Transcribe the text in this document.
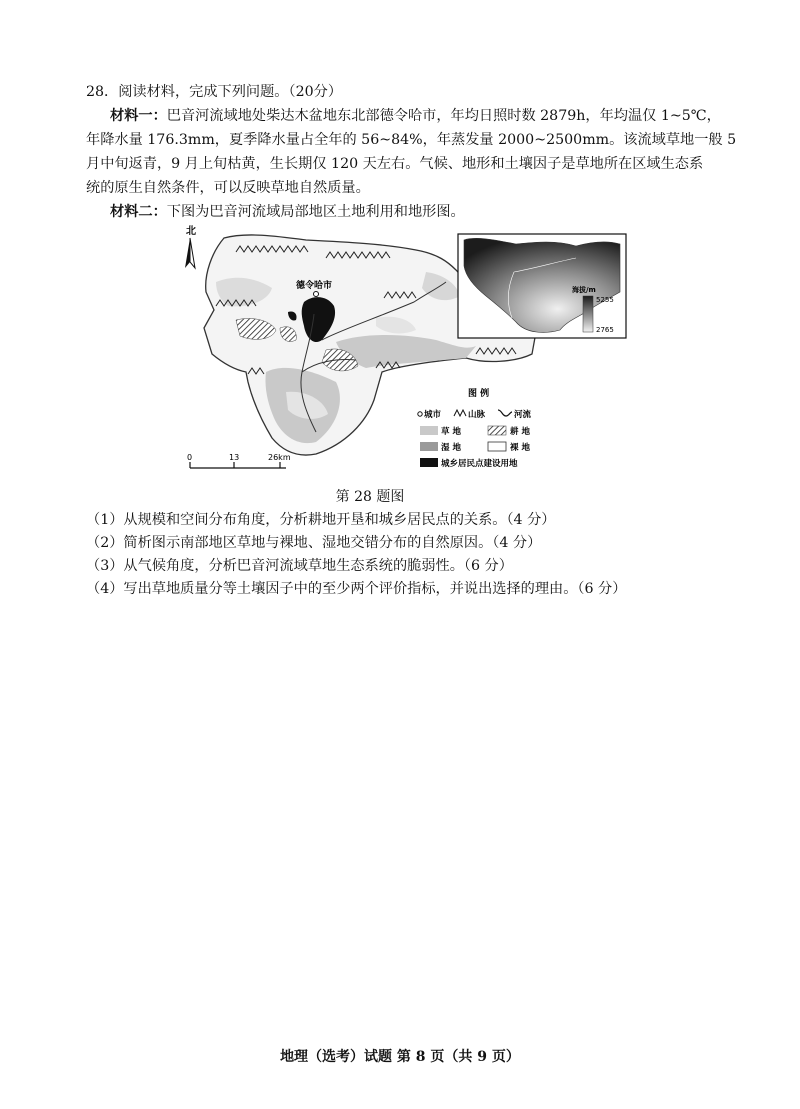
28．阅读材料，完成下列问题。（20分）
材料一：巴音河流域地处柴达木盆地东北部德令哈市，年均日照时数 2879h，年均温仅 1~5℃，
年降水量 176.3mm，夏季降水量占全年的 56~84%，年蒸发量 2000~2500mm。该流域草地一般 5
月中旬返青，9 月上旬枯黄，生长期仅 120 天左右。气候、地形和土壤因子是草地所在区域生态系
统的原生自然条件，可以反映草地自然质量。
材料二：下图为巴音河流域局部地区土地利用和地形图。
北
德令哈市	海拔/m
5255
2765
0	13	26km
图 例
城市	山脉	河流
草 地	耕 地
湿 地	裸 地
城乡居民点建设用地
第 28 题图
（1）从规模和空间分布角度，分析耕地开垦和城乡居民点的关系。（4 分）
（2）简析图示南部地区草地与裸地、湿地交错分布的自然原因。（4 分）
（3）从气候角度，分析巴音河流域草地生态系统的脆弱性。（6 分）
（4）写出草地质量分等土壤因子中的至少两个评价指标，并说出选择的理由。（6 分）
地理（选考）试题 第 8 页（共 9 页）
